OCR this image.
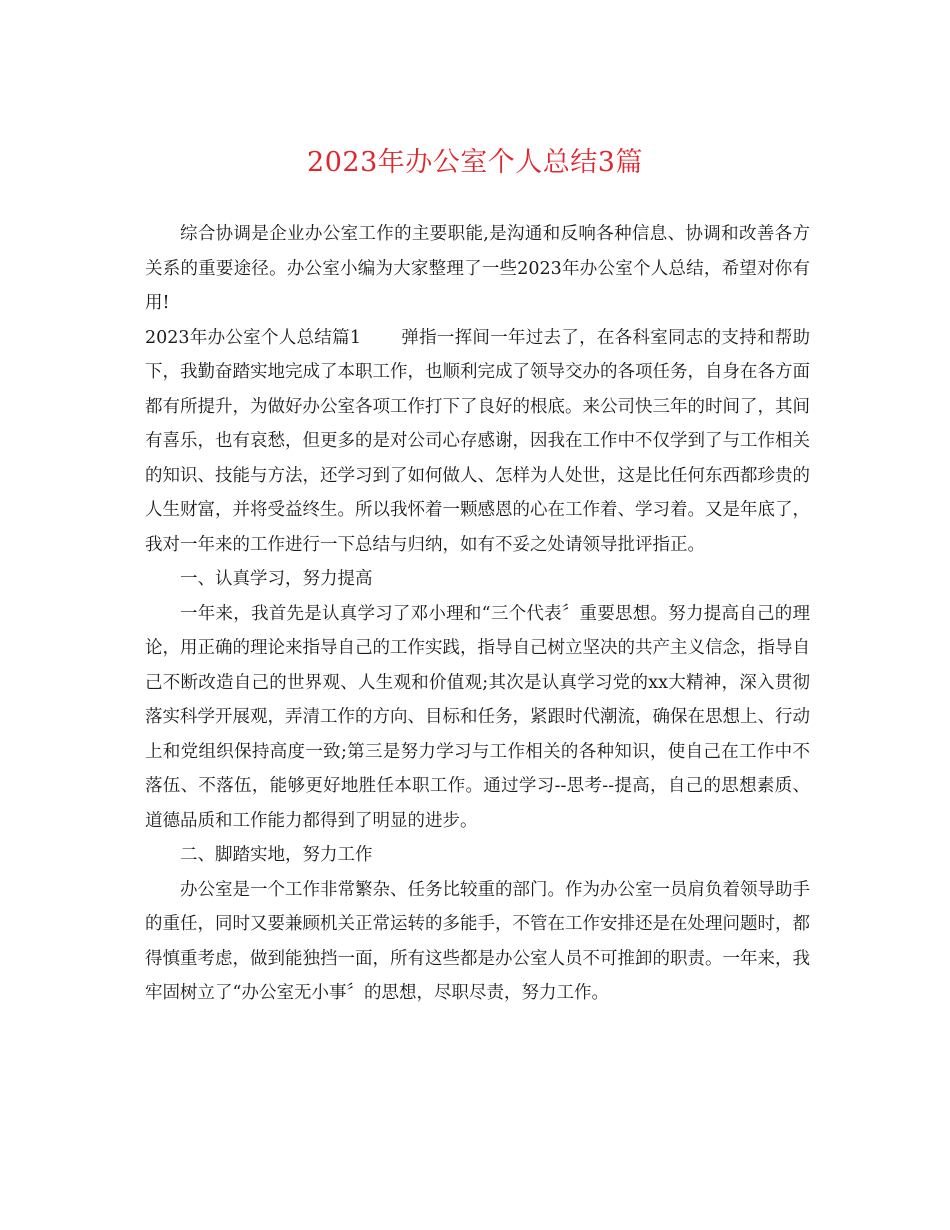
2023年办公室个人总结3篇

综合协调是企业办公室工作的主要职能,是沟通和反响各种信息、协调和改善各方关系的重要途径。办公室小编为大家整理了一些2023年办公室个人总结，希望对你有用!

2023年办公室个人总结篇1 弹指一挥间一年过去了，在各科室同志的支持和帮助下，我勤奋踏实地完成了本职工作，也顺利完成了领导交办的各项任务，自身在各方面都有所提升，为做好办公室各项工作打下了良好的根底。来公司快三年的时间了，其间有喜乐，也有哀愁，但更多的是对公司心存感谢，因我在工作中不仅学到了与工作相关的知识、技能与方法，还学习到了如何做人、怎样为人处世，这是比任何东西都珍贵的人生财富，并将受益终生。所以我怀着一颗感恩的心在工作着、学习着。又是年底了，我对一年来的工作进行一下总结与归纳，如有不妥之处请领导批评指正。

一、认真学习，努力提高

一年来，我首先是认真学习了邓小理和“三个代表〞重要思想。努力提高自己的理论，用正确的理论来指导自己的工作实践，指导自己树立坚决的共产主义信念，指导自己不断改造自己的世界观、人生观和价值观;其次是认真学习党的xx大精神，深入贯彻落实科学开展观，弄清工作的方向、目标和任务，紧跟时代潮流，确保在思想上、行动上和党组织保持高度一致;第三是努力学习与工作相关的各种知识，使自己在工作中不落伍、不落伍，能够更好地胜任本职工作。通过学习--思考--提高，自己的思想素质、道德品质和工作能力都得到了明显的进步。

二、脚踏实地，努力工作

办公室是一个工作非常繁杂、任务比较重的部门。作为办公室一员肩负着领导助手的重任，同时又要兼顾机关正常运转的多能手，不管在工作安排还是在处理问题时，都得慎重考虑，做到能独挡一面，所有这些都是办公室人员不可推卸的职责。一年来，我牢固树立了“办公室无小事〞的思想，尽职尽责，努力工作。
